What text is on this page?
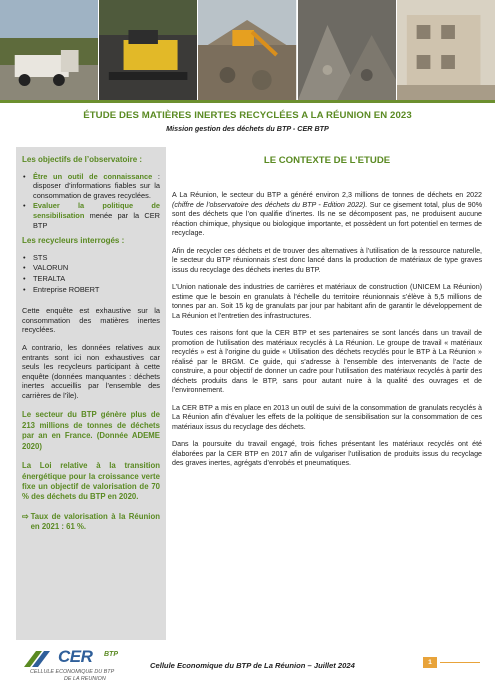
ÉTUDE DES MATIÈRES INERTES RECYCLÉES A LA RÉUNION EN 2023
Mission gestion des déchets du BTP - CER BTP
Les objectifs de l’observatoire :
• Être un outil de connaissance : disposer d’informations fiables sur la consommation de graves recyclées.
• Evaluer la politique de sensibilisation menée par la CER BTP
Les recycleurs interrogés :
• STS
• VALORUN
• TERALTA
• Entreprise ROBERT

Cette enquête est exhaustive sur la consommation des matières inertes recyclées.

A contrario, les données relatives aux entrants sont ici non exhaustives car seuls les recycleurs participant à cette enquête (données manquantes : déchets inertes accueillis par l’ensemble des carrières de l’île).

Le secteur du BTP génère plus de 213 millions de tonnes de déchets par an en France. (Donnée ADEME 2020)
La Loi relative à la transition énergétique pour la croissance verte fixe un objectif de valorisation de 70 % des déchets du BTP en 2020.
⇨ Taux de valorisation à la Réunion en 2021 : 61 %.
LE CONTEXTE DE L’ETUDE

A La Réunion, le secteur du BTP a généré environ 2,3 millions de tonnes de déchets en 2022 (chiffre de l’observatoire des déchets du BTP - Edition 2022). Sur ce gisement total, plus de 90% sont des déchets que l’on qualifie d’inertes. Ils ne se décomposent pas, ne produisent aucune réaction chimique, physique ou biologique importante, et possèdent un fort potentiel en termes de recyclage.

Afin de recycler ces déchets et de trouver des alternatives à l’utilisation de la ressource naturelle, le secteur du BTP réunionnais s’est donc lancé dans la production de matériaux de type graves issus du recyclage des déchets inertes du BTP.

L’Union nationale des industries de carrières et matériaux de construction (UNICEM La Réunion) estime que le besoin en granulats à l’échelle du territoire réunionnais s’élève à 5,5 millions de tonnes par an. Soit 15 kg de granulats par jour par habitant afin de garantir le développement de La Réunion et l’entretien des infrastructures.

Toutes ces raisons font que la CER BTP et ses partenaires se sont lancés dans un travail de promotion de l’utilisation des matériaux recyclés à La Réunion. Le groupe de travail « matériaux recyclés » est à l’origine du guide « Utilisation des déchets recyclés pour le BTP à La Réunion » réalisé par le BRGM. Ce guide, qui s’adresse à l’ensemble des intervenants de l’acte de construire, a pour objectif de donner un cadre pour l’utilisation des matériaux recyclés à partir des déchets produits dans le BTP, sans pour autant nuire à la qualité des ouvrages et de l’environnement.

La CER BTP a mis en place en 2013 un outil de suivi de la consommation de granulats recyclés à La Réunion afin d’évaluer les effets de la politique de sensibilisation sur la consommation de ces matériaux issus du recyclage des déchets.

Dans la poursuite du travail engagé, trois fiches présentant les matériaux recyclés ont été élaborées par la CER BTP en 2017 afin de vulgariser l’utilisation de produits issus du recyclage des graves inertes, agrégats d’enrobés et pneumatiques.

CER BTP
CELLULE ECONOMIQUE DU BTP
DE LA REUNION
Cellule Economique du BTP de La Réunion – Juillet 2024	1
